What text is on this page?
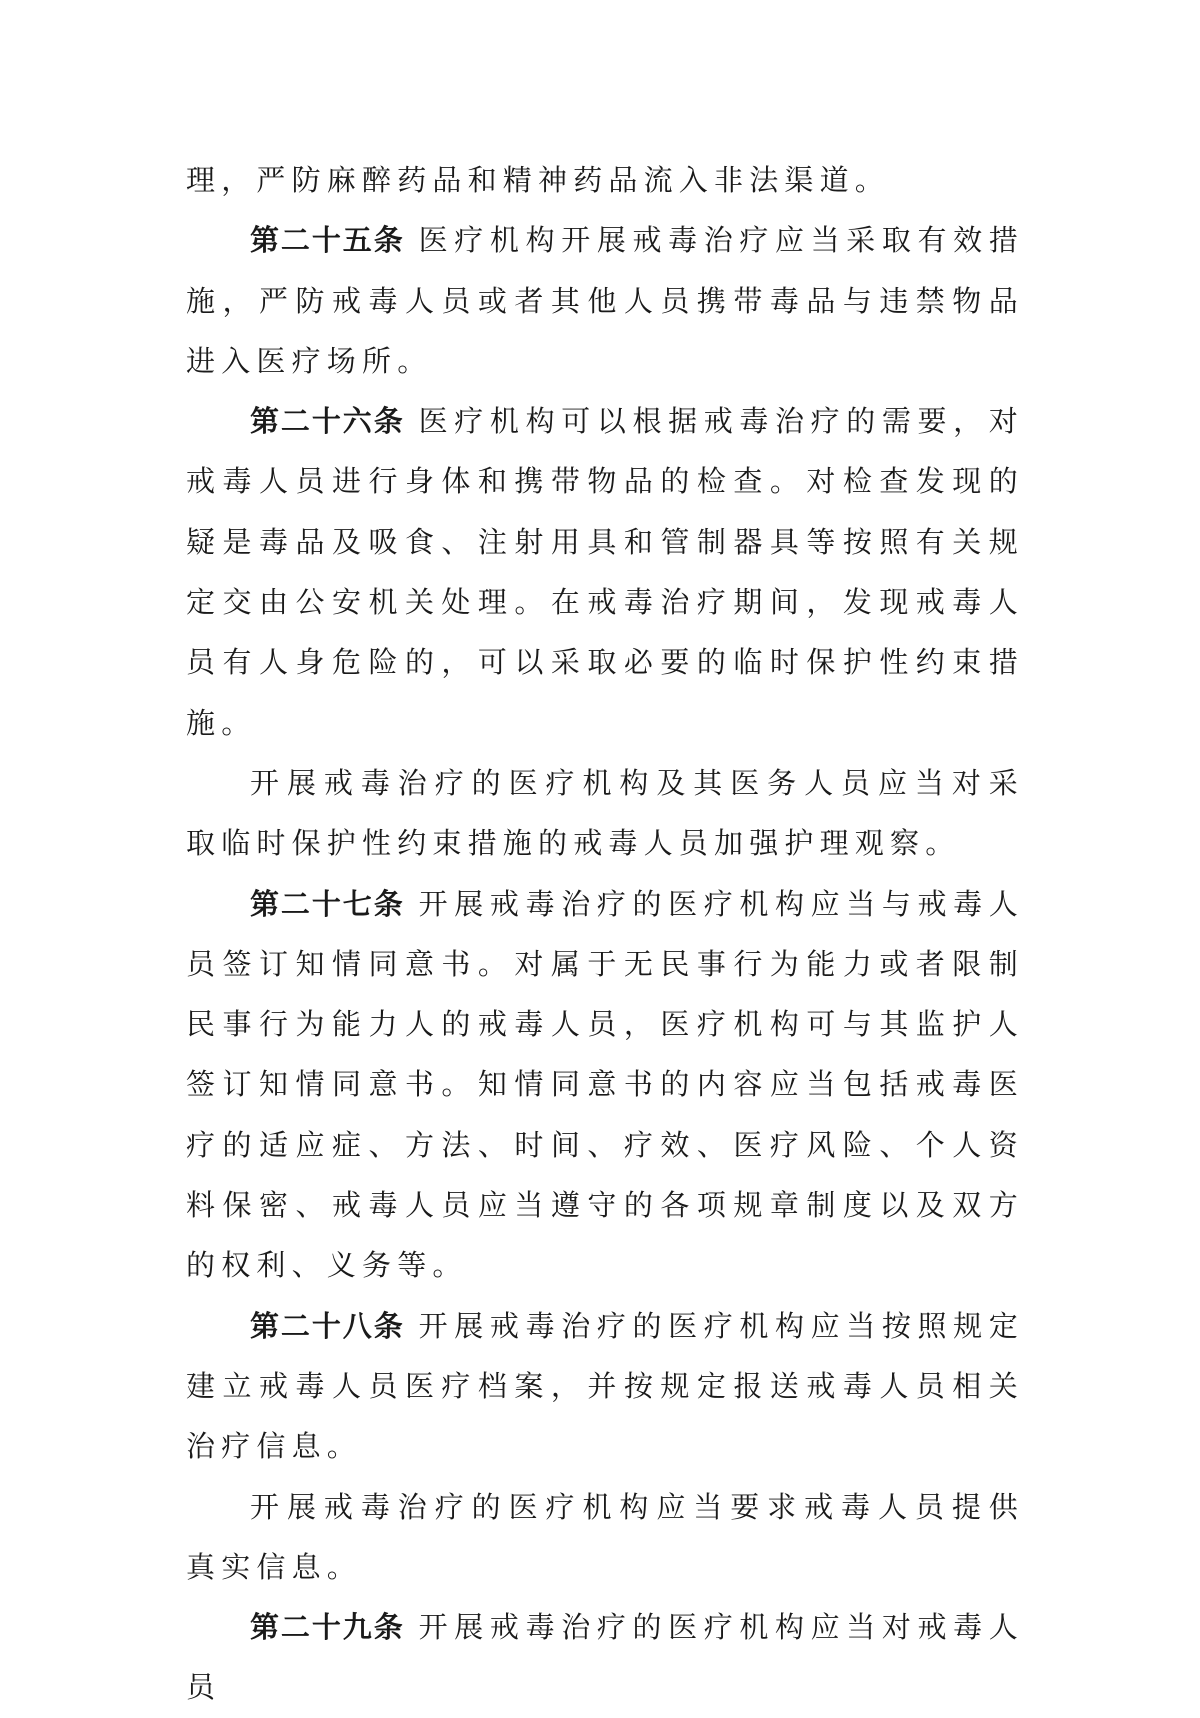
理，严防麻醉药品和精神药品流入非法渠道。

第二十五条 医疗机构开展戒毒治疗应当采取有效措施，严防戒毒人员或者其他人员携带毒品与违禁物品进入医疗场所。

第二十六条 医疗机构可以根据戒毒治疗的需要，对戒毒人员进行身体和携带物品的检查。对检查发现的疑是毒品及吸食、注射用具和管制器具等按照有关规定交由公安机关处理。在戒毒治疗期间，发现戒毒人员有人身危险的，可以采取必要的临时保护性约束措施。

开展戒毒治疗的医疗机构及其医务人员应当对采取临时保护性约束措施的戒毒人员加强护理观察。

第二十七条 开展戒毒治疗的医疗机构应当与戒毒人员签订知情同意书。对属于无民事行为能力或者限制民事行为能力人的戒毒人员，医疗机构可与其监护人签订知情同意书。知情同意书的内容应当包括戒毒医疗的适应症、方法、时间、疗效、医疗风险、个人资料保密、戒毒人员应当遵守的各项规章制度以及双方的权利、义务等。

第二十八条 开展戒毒治疗的医疗机构应当按照规定建立戒毒人员医疗档案，并按规定报送戒毒人员相关治疗信息。

开展戒毒治疗的医疗机构应当要求戒毒人员提供真实信息。

第二十九条 开展戒毒治疗的医疗机构应当对戒毒人员
